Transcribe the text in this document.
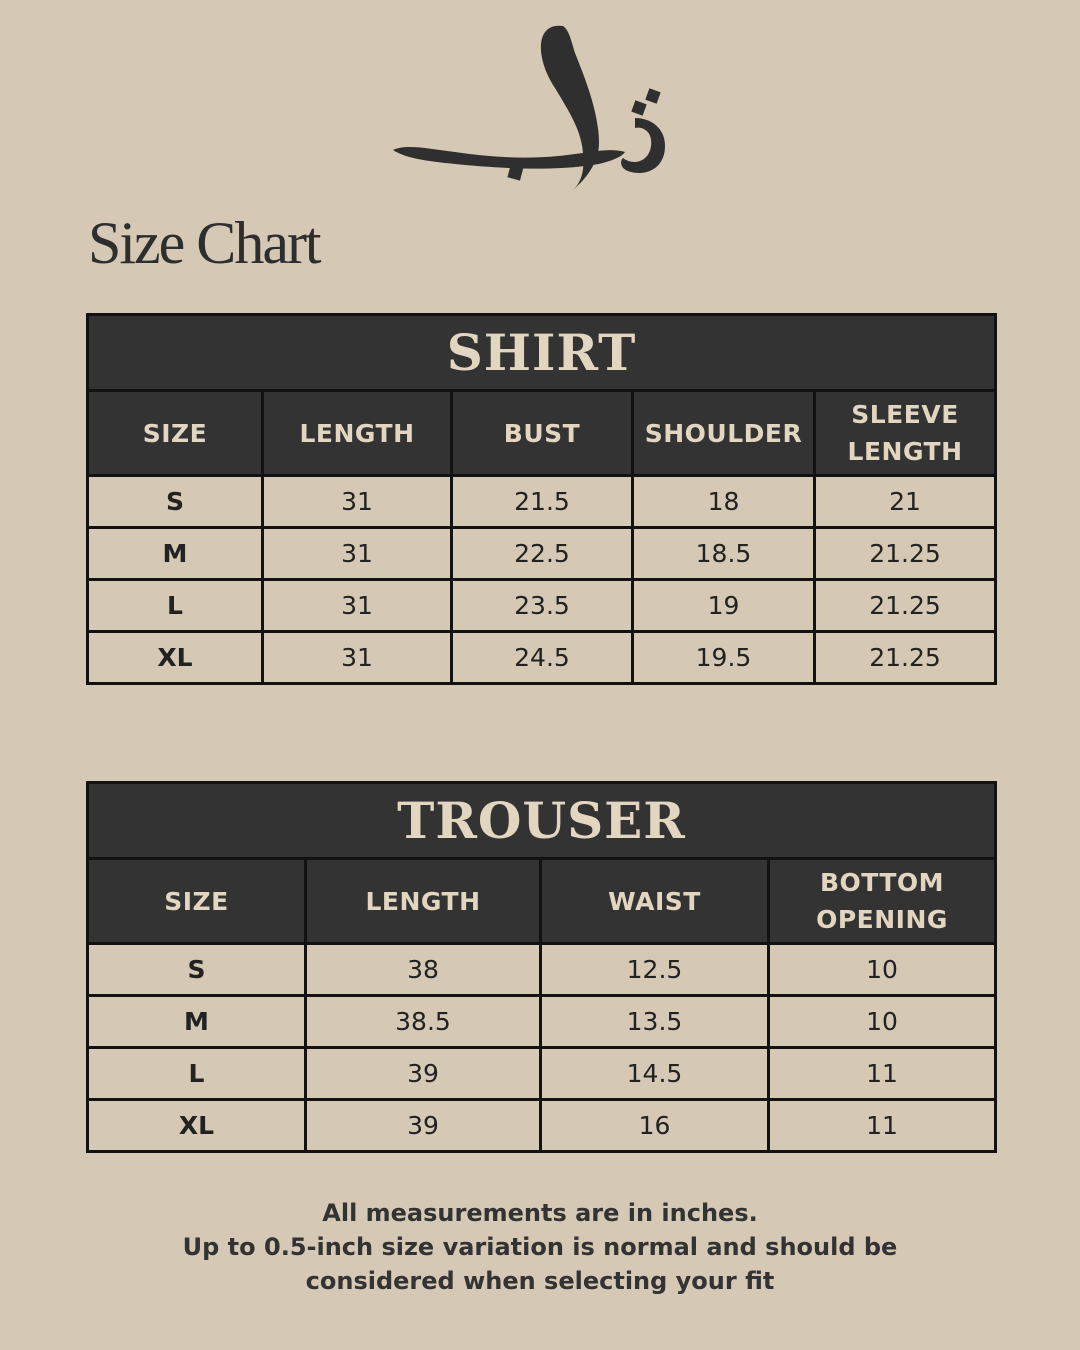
Size Chart
SHIRT				
SIZE	LENGTH	BUST	SHOULDER	SLEEVE LENGTH
S	31	21.5	18	21
M	31	22.5	18.5	21.25
L	31	23.5	19	21.25
XL	31	24.5	19.5	21.25
TROUSER			
SIZE	LENGTH	WAIST	BOTTOM OPENING
S	38	12.5	10
M	38.5	13.5	10
L	39	14.5	11
XL	39	16	11
All measurements are in inches.
Up to 0.5-inch size variation is normal and should be
considered when selecting your fit
